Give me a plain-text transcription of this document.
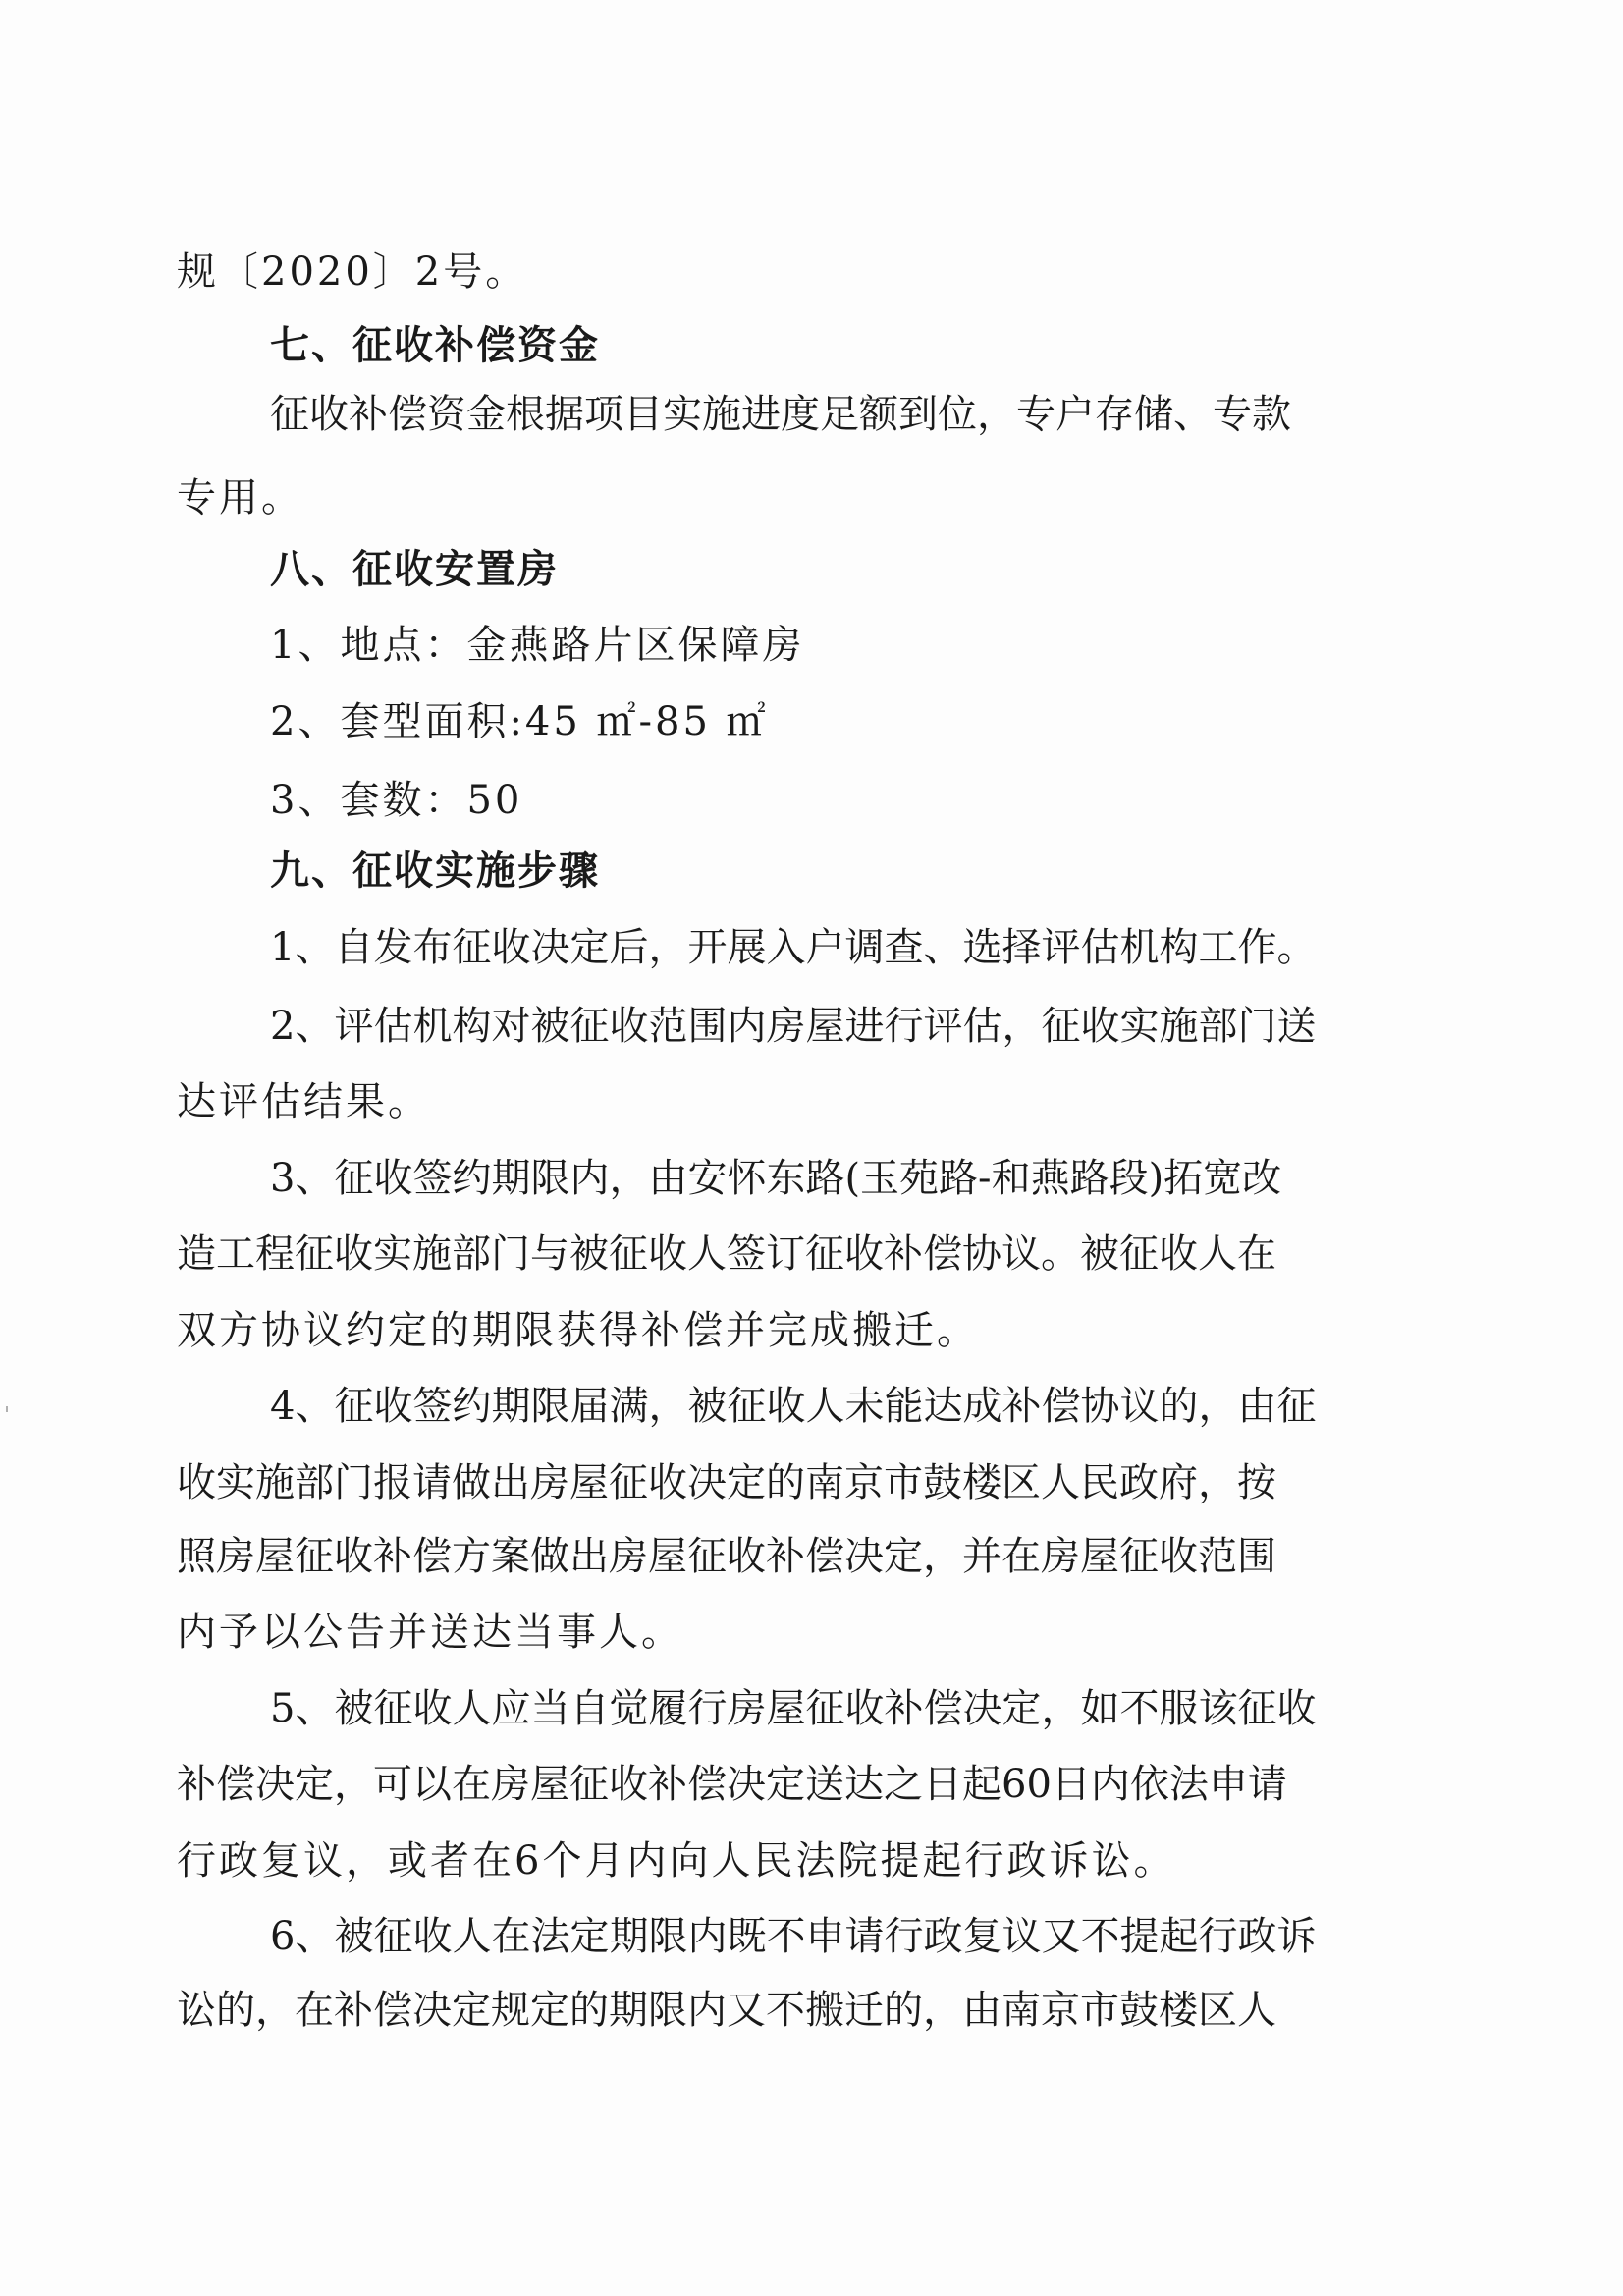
规〔2020〕2号。
七、征收补偿资金
征收补偿资金根据项目实施进度足额到位，专户存储、专款
专用。
八、征收安置房
1、地点：金燕路片区保障房
2、套型面积:45 ㎡-85 ㎡
3、套数：50
九、征收实施步骤
1、自发布征收决定后，开展入户调查、选择评估机构工作。
2、评估机构对被征收范围内房屋进行评估，征收实施部门送
达评估结果。
3、征收签约期限内，由安怀东路(玉苑路-和燕路段)拓宽改
造工程征收实施部门与被征收人签订征收补偿协议。被征收人在
双方协议约定的期限获得补偿并完成搬迁。
4、征收签约期限届满，被征收人未能达成补偿协议的，由征
收实施部门报请做出房屋征收决定的南京市鼓楼区人民政府，按
照房屋征收补偿方案做出房屋征收补偿决定，并在房屋征收范围
内予以公告并送达当事人。
5、被征收人应当自觉履行房屋征收补偿决定，如不服该征收
补偿决定，可以在房屋征收补偿决定送达之日起60日内依法申请
行政复议，或者在6个月内向人民法院提起行政诉讼。
6、被征收人在法定期限内既不申请行政复议又不提起行政诉
讼的，在补偿决定规定的期限内又不搬迁的，由南京市鼓楼区人
